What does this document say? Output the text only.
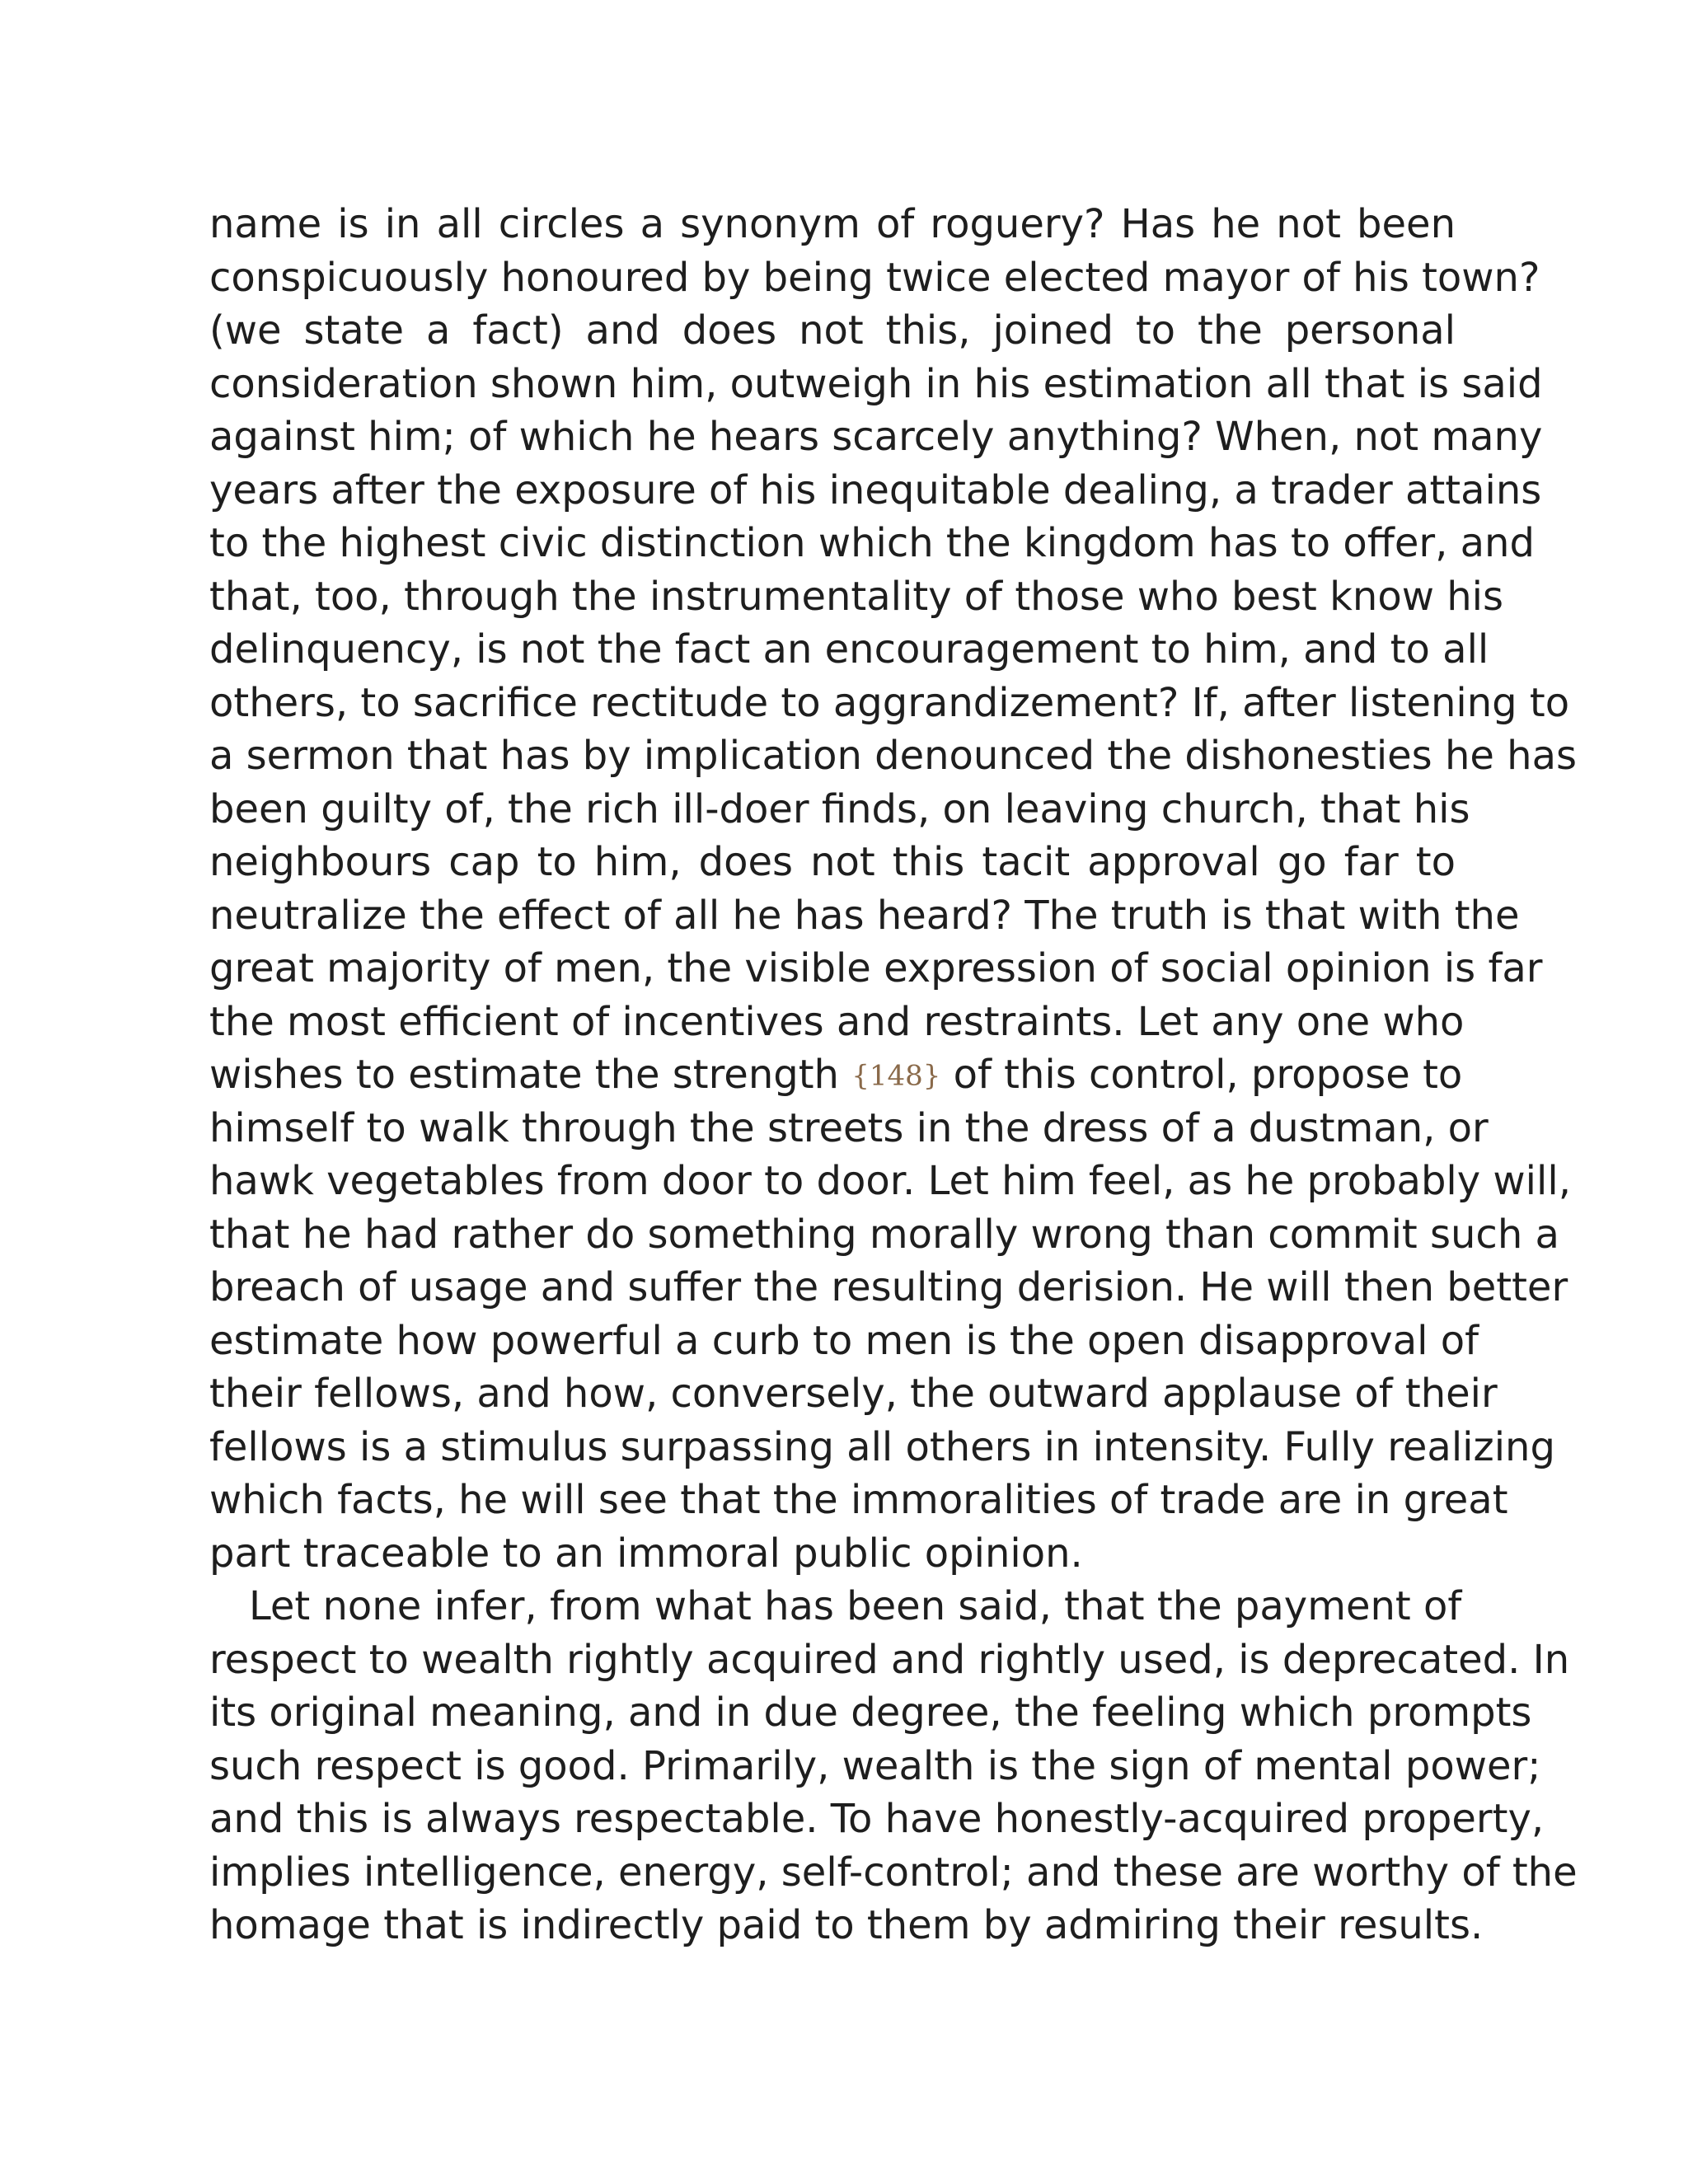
name is in all circles a synonym of roguery? Has he not been
conspicuously honoured by being twice elected mayor of his town?
(we state a fact) and does not this, joined to the personal
consideration shown him, outweigh in his estimation all that is said
against him; of which he hears scarcely anything? When, not many
years after the exposure of his inequitable dealing, a trader attains
to the highest civic distinction which the kingdom has to offer, and
that, too, through the instrumentality of those who best know his
delinquency, is not the fact an encouragement to him, and to all
others, to sacrifice rectitude to aggrandizement? If, after listening to
a sermon that has by implication denounced the dishonesties he has
been guilty of, the rich ill-doer finds, on leaving church, that his
neighbours cap to him, does not this tacit approval go far to
neutralize the effect of all he has heard? The truth is that with the
great majority of men, the visible expression of social opinion is far
the most efficient of incentives and restraints. Let any one who
wishes to estimate the strength {148} of this control, propose to
himself to walk through the streets in the dress of a dustman, or
hawk vegetables from door to door. Let him feel, as he probably will,
that he had rather do something morally wrong than commit such a
breach of usage and suffer the resulting derision. He will then better
estimate how powerful a curb to men is the open disapproval of
their fellows, and how, conversely, the outward applause of their
fellows is a stimulus surpassing all others in intensity. Fully realizing
which facts, he will see that the immoralities of trade are in great
part traceable to an immoral public opinion.
Let none infer, from what has been said, that the payment of
respect to wealth rightly acquired and rightly used, is deprecated. In
its original meaning, and in due degree, the feeling which prompts
such respect is good. Primarily, wealth is the sign of mental power;
and this is always respectable. To have honestly-acquired property,
implies intelligence, energy, self-control; and these are worthy of the
homage that is indirectly paid to them by admiring their results.
